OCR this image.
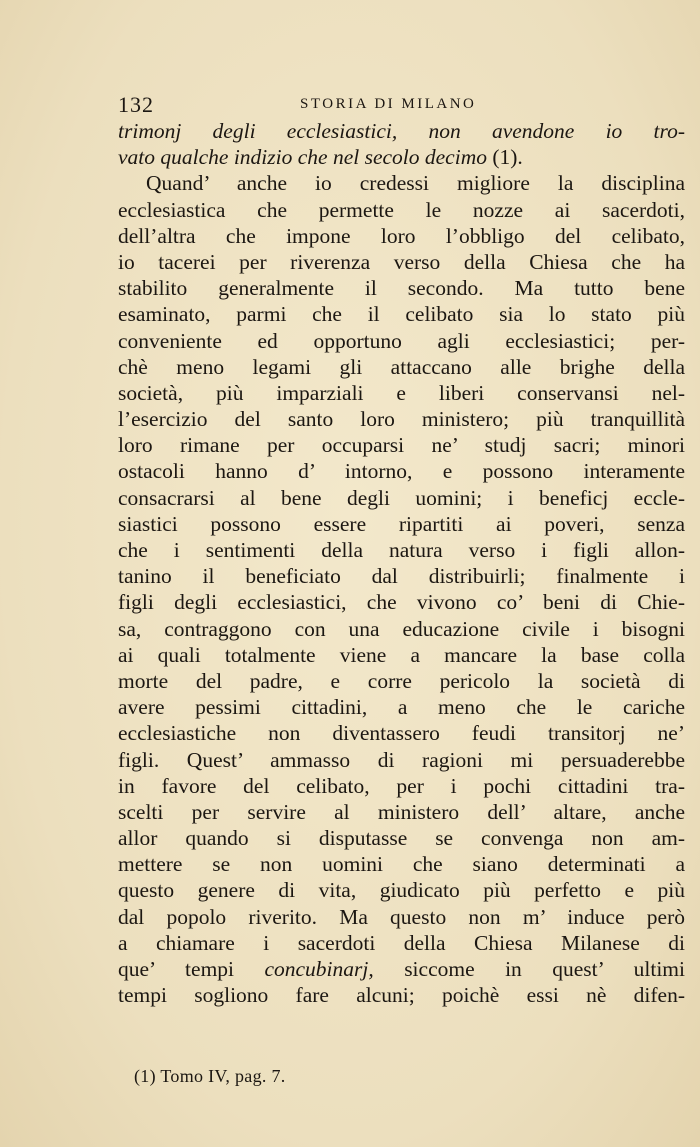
132	STORIA DI MILANO
trimonj degli ecclesiastici, non avendone io tro-
vato qualche indizio che nel secolo decimo (1).
Quand’ anche io credessi migliore la disciplina
ecclesiastica che permette le nozze ai sacerdoti,
dell’altra che impone loro l’obbligo del celibato,
io tacerei per riverenza verso della Chiesa che ha
stabilito generalmente il secondo. Ma tutto bene
esaminato, parmi che il celibato sia lo stato più
conveniente ed opportuno agli ecclesiastici; per-
chè meno legami gli attaccano alle brighe della
società, più imparziali e liberi conservansi nel-
l’esercizio del santo loro ministero; più tranquillità
loro rimane per occuparsi ne’ studj sacri; minori
ostacoli hanno d’ intorno, e possono interamente
consacrarsi al bene degli uomini; i beneficj eccle-
siastici possono essere ripartiti ai poveri, senza
che i sentimenti della natura verso i figli allon-
tanino il beneficiato dal distribuirli; finalmente i
figli degli ecclesiastici, che vivono co’ beni di Chie-
sa, contraggono con una educazione civile i bisogni
ai quali totalmente viene a mancare la base colla
morte del padre, e corre pericolo la società di
avere pessimi cittadini, a meno che le cariche
ecclesiastiche non diventassero feudi transitorj ne’
figli. Quest’ ammasso di ragioni mi persuaderebbe
in favore del celibato, per i pochi cittadini tra-
scelti per servire al ministero dell’ altare, anche
allor quando si disputasse se convenga non am-
mettere se non uomini che siano determinati a
questo genere di vita, giudicato più perfetto e più
dal popolo riverito. Ma questo non m’ induce però
a chiamare i sacerdoti della Chiesa Milanese di
que’ tempi concubinarj, siccome in quest’ ultimi
tempi sogliono fare alcuni; poichè essi nè difen-
(1) Tomo IV, pag. 7.
